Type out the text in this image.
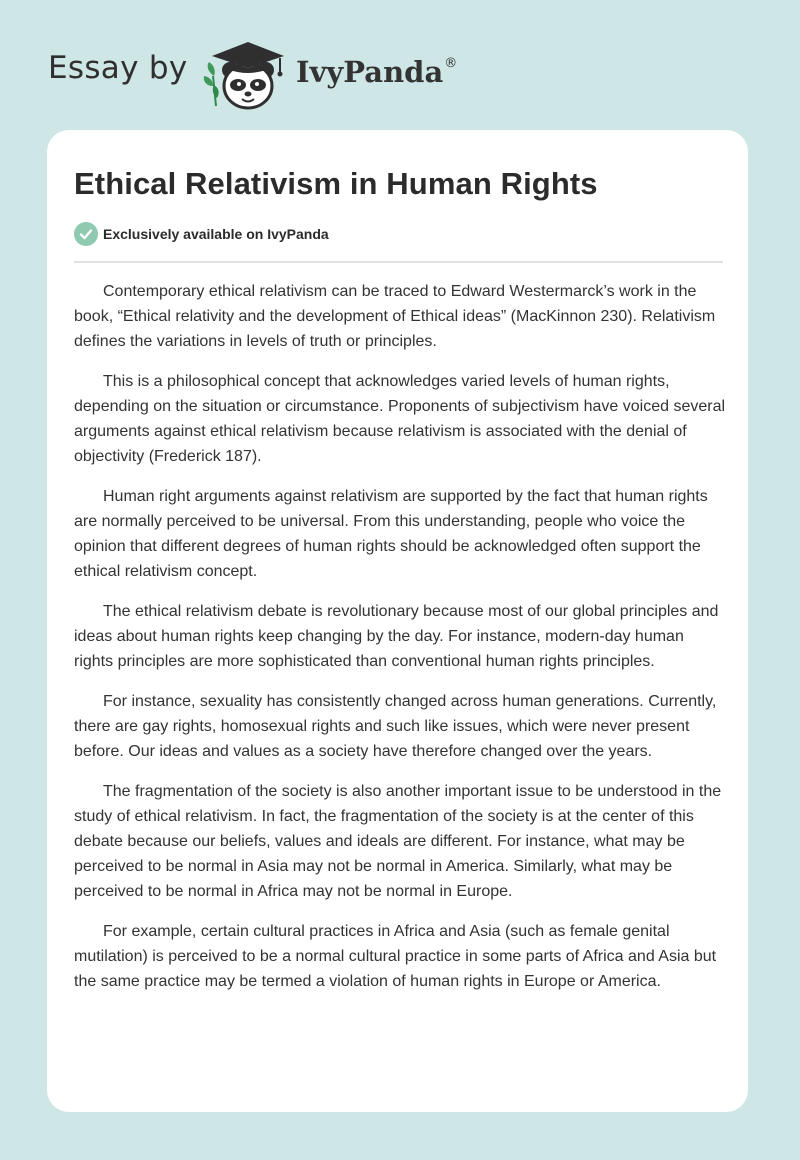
Essay by	IvyPanda®
Ethical Relativism in Human Rights
Exclusively available on IvyPanda

Contemporary ethical relativism can be traced to Edward Westermarck’s work in the book, “Ethical relativity and the development of Ethical ideas” (MacKinnon 230). Relativism defines the variations in levels of truth or principles.

This is a philosophical concept that acknowledges varied levels of human rights, depending on the situation or circumstance. Proponents of subjectivism have voiced several arguments against ethical relativism because relativism is associated with the denial of objectivity (Frederick 187).

Human right arguments against relativism are supported by the fact that human rights are normally perceived to be universal. From this understanding, people who voice the opinion that different degrees of human rights should be acknowledged often support the ethical relativism concept.

The ethical relativism debate is revolutionary because most of our global principles and ideas about human rights keep changing by the day. For instance, modern-day human rights principles are more sophisticated than conventional human rights principles.

For instance, sexuality has consistently changed across human generations. Currently, there are gay rights, homosexual rights and such like issues, which were never present before. Our ideas and values as a society have therefore changed over the years.

The fragmentation of the society is also another important issue to be understood in the study of ethical relativism. In fact, the fragmentation of the society is at the center of this debate because our beliefs, values and ideals are different. For instance, what may be perceived to be normal in Asia may not be normal in America. Similarly, what may be perceived to be normal in Africa may not be normal in Europe.

For example, certain cultural practices in Africa and Asia (such as female genital mutilation) is perceived to be a normal cultural practice in some parts of Africa and Asia but the same practice may be termed a violation of human rights in Europe or America.
